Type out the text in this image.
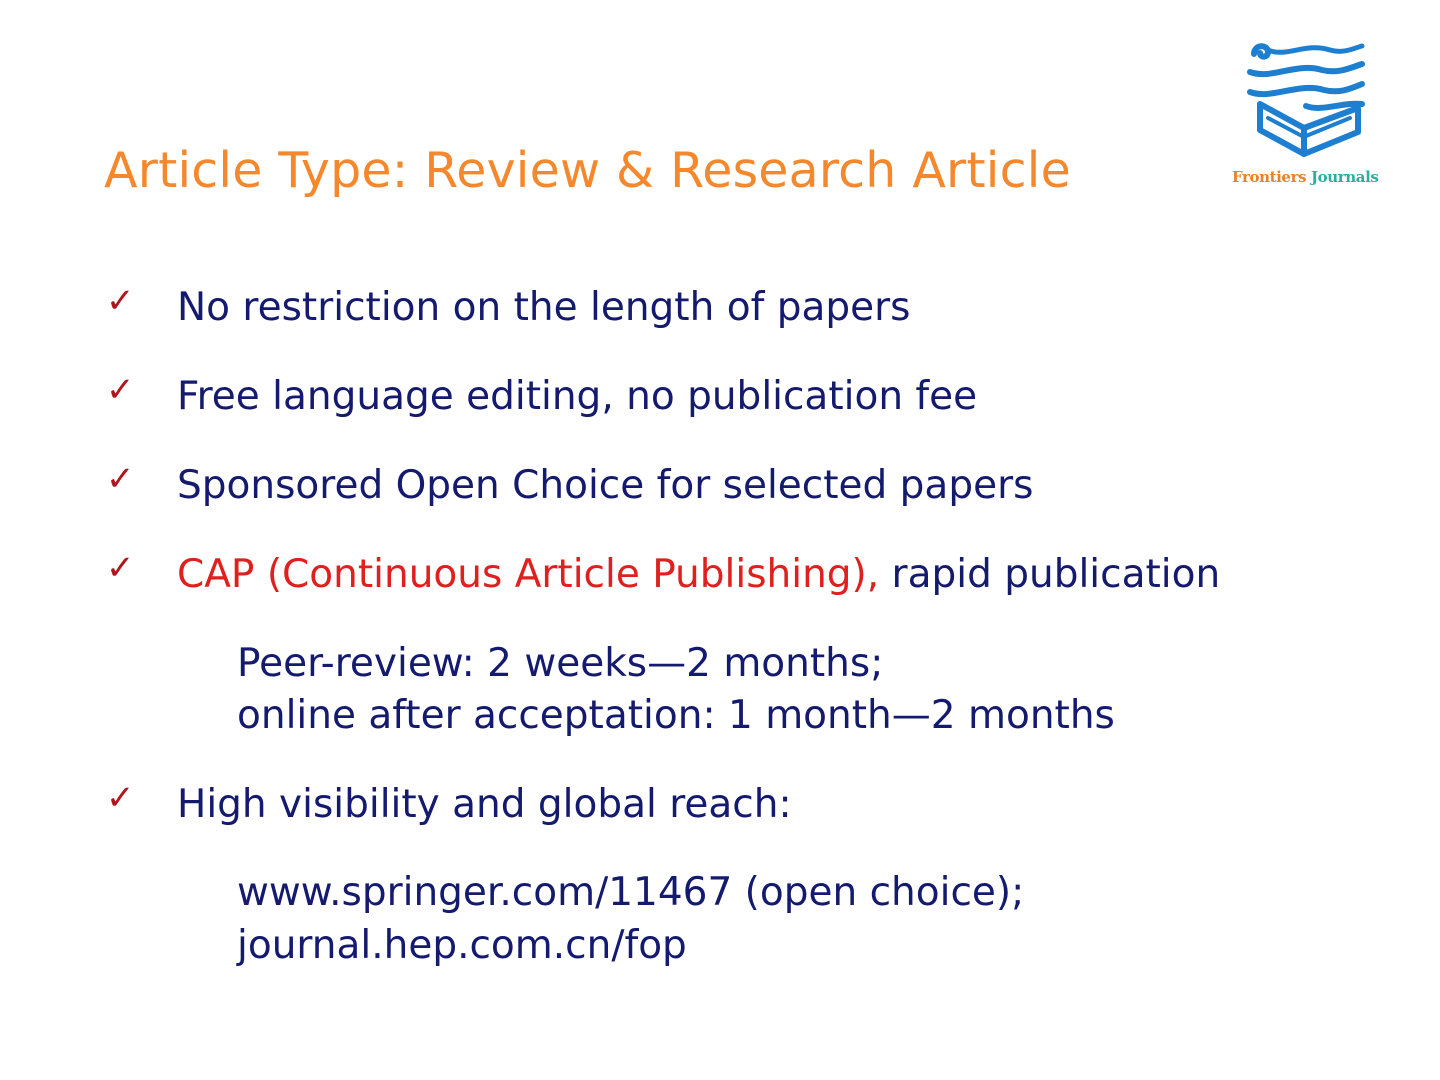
Article Type: Review & Research Article	Frontiers Journals
✓ No restriction on the length of papers
✓ Free language editing, no publication fee
✓ Sponsored Open Choice for selected papers
✓ CAP (Continuous Article Publishing), rapid publication
Peer-review: 2 weeks—2 months;
online after acceptation: 1 month—2 months
✓ High visibility and global reach:
www.springer.com/11467 (open choice);
journal.hep.com.cn/fop
